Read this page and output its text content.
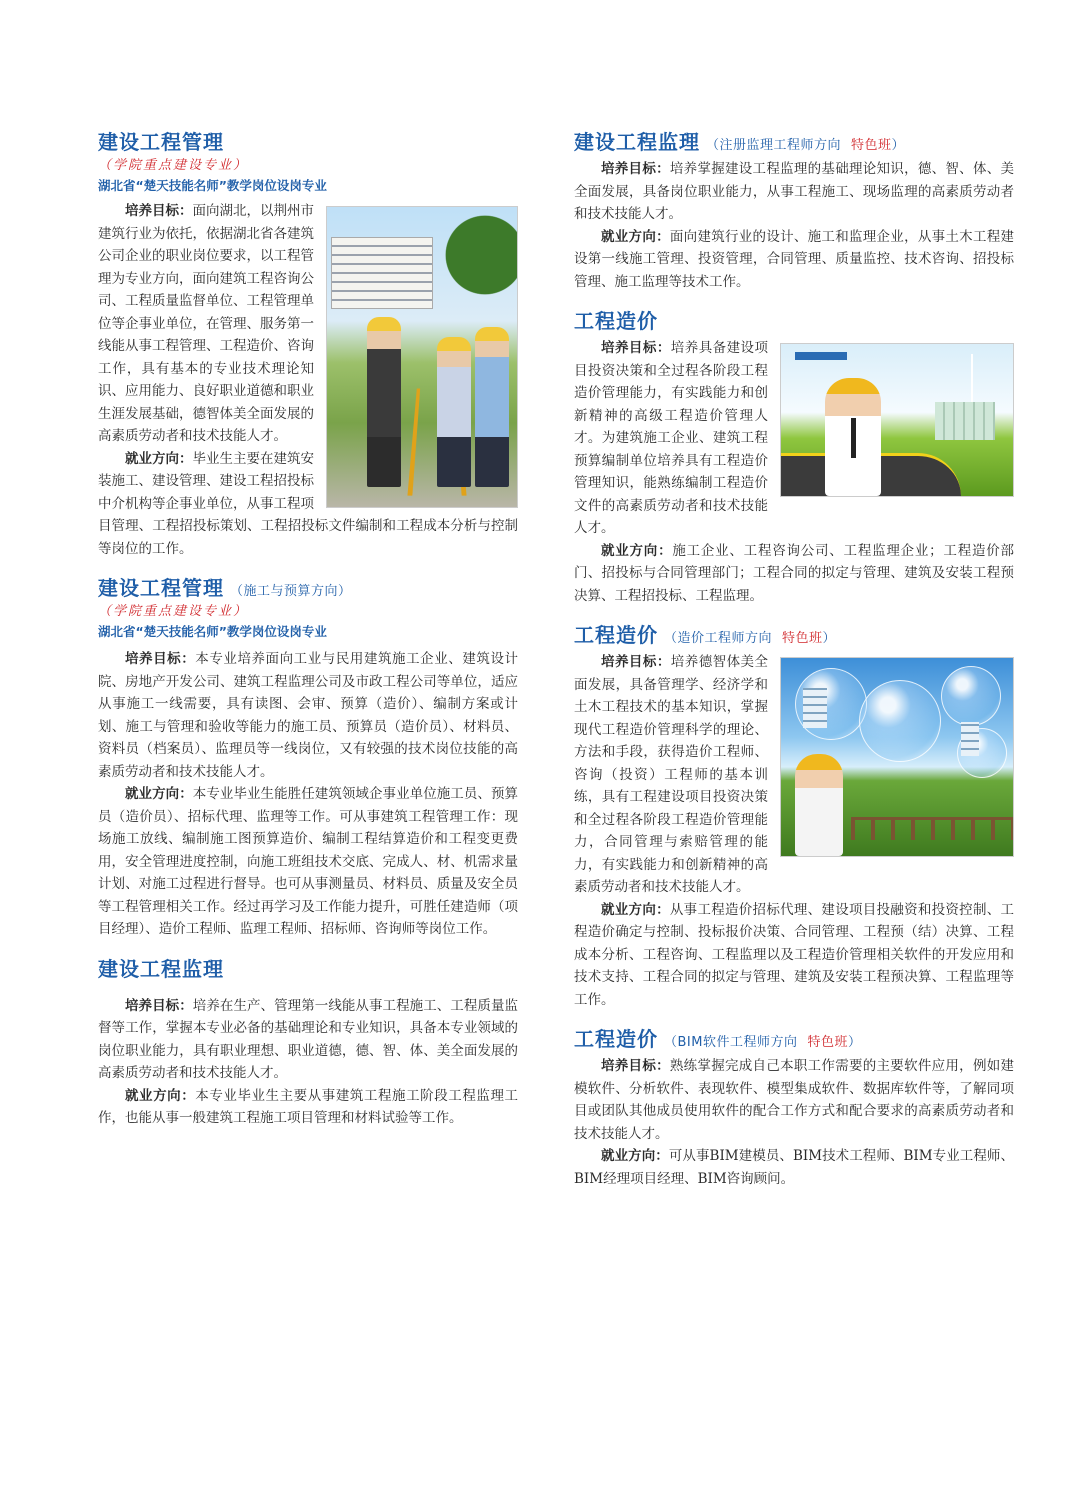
建设工程管理
（学院重点建设专业）
湖北省“楚天技能名师”教学岗位设岗专业

培养目标：面向湖北，以荆州市建筑行业为依托，依据湖北省各建筑公司企业的职业岗位要求，以工程管理为专业方向，面向建筑工程咨询公司、工程质量监督单位、工程管理单位等企事业单位，在管理、服务第一线能从事工程管理、工程造价、咨询工作，具有基本的专业技术理论知识、应用能力、良好职业道德和职业生涯发展基础，德智体美全面发展的高素质劳动者和技术技能人才。

就业方向：毕业生主要在建筑安装施工、建设管理、建设工程招投标中介机构等企事业单位，从事工程项目管理、工程招投标策划、工程招投标文件编制和工程成本分析与控制等岗位的工作。

建设工程管理 （施工与预算方向）
（学院重点建设专业）
湖北省“楚天技能名师”教学岗位设岗专业

培养目标：本专业培养面向工业与民用建筑施工企业、建筑设计院、房地产开发公司、建筑工程监理公司及市政工程公司等单位，适应从事施工一线需要，具有读图、会审、预算（造价）、编制方案或计划、施工与管理和验收等能力的施工员、预算员（造价员）、材料员、资料员（档案员）、监理员等一线岗位，又有较强的技术岗位技能的高素质劳动者和技术技能人才。

就业方向：本专业毕业生能胜任建筑领域企事业单位施工员、预算员（造价员）、招标代理、监理等工作。可从事建筑工程管理工作：现场施工放线、编制施工图预算造价、编制工程结算造价和工程变更费用，安全管理进度控制，向施工班组技术交底、完成人、材、机需求量计划、对施工过程进行督导。也可从事测量员、材料员、质量及安全员等工程管理相关工作。经过再学习及工作能力提升，可胜任建造师（项目经理）、造价工程师、监理工程师、招标师、咨询师等岗位工作。

建设工程监理

培养目标：培养在生产、管理第一线能从事工程施工、工程质量监督等工作，掌握本专业必备的基础理论和专业知识，具备本专业领域的岗位职业能力，具有职业理想、职业道德，德、智、体、美全面发展的高素质劳动者和技术技能人才。

就业方向：本专业毕业生主要从事建筑工程施工阶段工程监理工作，也能从事一般建筑工程施工项目管理和材料试验等工作。

建设工程监理 （注册监理工程师方向 特色班）

培养目标：培养掌握建设工程监理的基础理论知识，德、智、体、美全面发展，具备岗位职业能力，从事工程施工、现场监理的高素质劳动者和技术技能人才。

就业方向：面向建筑行业的设计、施工和监理企业，从事土木工程建设第一线施工管理、投资管理，合同管理、质量监控、技术咨询、招投标管理、施工监理等技术工作。

工程造价

培养目标：培养具备建设项目投资决策和全过程各阶段工程造价管理能力，有实践能力和创新精神的高级工程造价管理人才。为建筑施工企业、建筑工程预算编制单位培养具有工程造价管理知识，能熟练编制工程造价文件的高素质劳动者和技术技能人才。

就业方向：施工企业、工程咨询公司、工程监理企业；工程造价部门、招投标与合同管理部门；工程合同的拟定与管理、建筑及安装工程预决算、工程招投标、工程监理。

工程造价 （造价工程师方向 特色班）

培养目标：培养德智体美全面发展，具备管理学、经济学和土木工程技术的基本知识，掌握现代工程造价管理科学的理论、方法和手段，获得造价工程师、咨询（投资）工程师的基本训练，具有工程建设项目投资决策和全过程各阶段工程造价管理能力，合同管理与索赔管理的能力，有实践能力和创新精神的高素质劳动者和技术技能人才。

就业方向：从事工程造价招标代理、建设项目投融资和投资控制、工程造价确定与控制、投标报价决策、合同管理、工程预（结）决算、工程成本分析、工程咨询、工程监理以及工程造价管理相关软件的开发应用和技术支持、工程合同的拟定与管理、建筑及安装工程预决算、工程监理等工作。

工程造价 （BIM软件工程师方向 特色班）

培养目标：熟练掌握完成自己本职工作需要的主要软件应用，例如建模软件、分析软件、表现软件、模型集成软件、数据库软件等，了解同项目或团队其他成员使用软件的配合工作方式和配合要求的高素质劳动者和技术技能人才。

就业方向：可从事BIM建模员、BIM技术工程师、BIM专业工程师、BIM经理项目经理、BIM咨询顾问。
